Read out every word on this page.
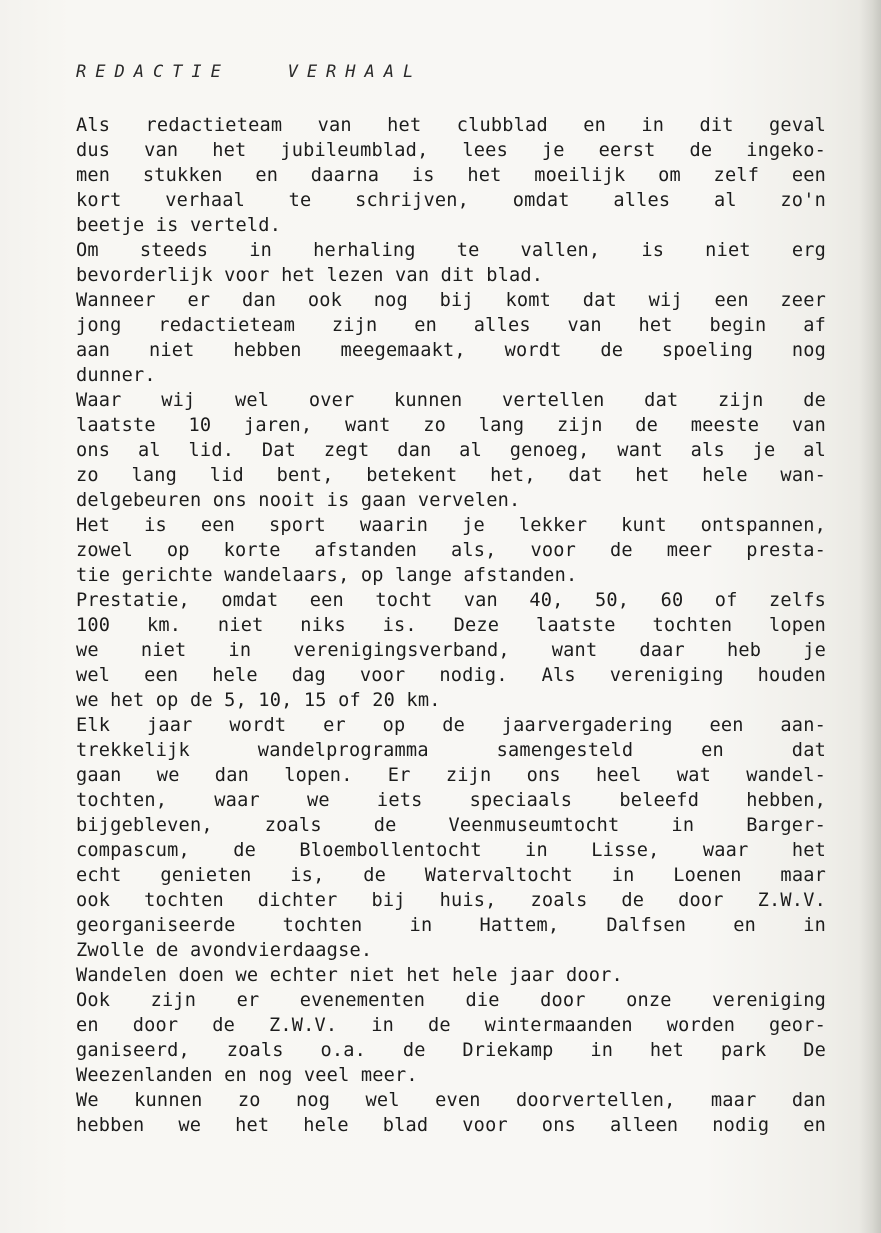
REDACTIE   VERHAAL
Als redactieteam van het clubblad en in dit geval
dus van het jubileumblad, lees je eerst de ingeko-
men stukken en daarna is het moeilijk om zelf een
kort verhaal te schrijven, omdat alles al zo'n
beetje is verteld.
Om steeds in herhaling te vallen, is niet erg
bevorderlijk voor het lezen van dit blad.
Wanneer er dan ook nog bij komt dat wij een zeer
jong redactieteam zijn en alles van het begin af
aan niet hebben meegemaakt, wordt de spoeling nog
dunner.
Waar wij wel over kunnen vertellen dat zijn de
laatste 10 jaren, want zo lang zijn de meeste van
ons al lid. Dat zegt dan al genoeg, want als je al
zo lang lid bent, betekent het, dat het hele wan-
delgebeuren ons nooit is gaan vervelen.
Het is een sport waarin je lekker kunt ontspannen,
zowel op korte afstanden als, voor de meer presta-
tie gerichte wandelaars, op lange afstanden.
Prestatie, omdat een tocht van 40, 50, 60 of zelfs
100 km. niet niks is. Deze laatste tochten lopen
we niet in verenigingsverband, want daar heb je
wel een hele dag voor nodig. Als vereniging houden
we het op de 5, 10, 15 of 20 km.
Elk jaar wordt er op de jaarvergadering een aan-
trekkelijk wandelprogramma samengesteld en dat
gaan we dan lopen. Er zijn ons heel wat wandel-
tochten, waar we iets speciaals beleefd hebben,
bijgebleven, zoals de Veenmuseumtocht in Barger-
compascum, de Bloembollentocht in Lisse, waar het
echt genieten is, de Watervaltocht in Loenen maar
ook tochten dichter bij huis, zoals de door Z.W.V.
georganiseerde tochten in Hattem, Dalfsen en in
Zwolle de avondvierdaagse.
Wandelen doen we echter niet het hele jaar door.
Ook zijn er evenementen die door onze vereniging
en door de Z.W.V. in de wintermaanden worden geor-
ganiseerd, zoals o.a. de Driekamp in het park De
Weezenlanden en nog veel meer.
We kunnen zo nog wel even doorvertellen, maar dan
hebben we het hele blad voor ons alleen nodig en
